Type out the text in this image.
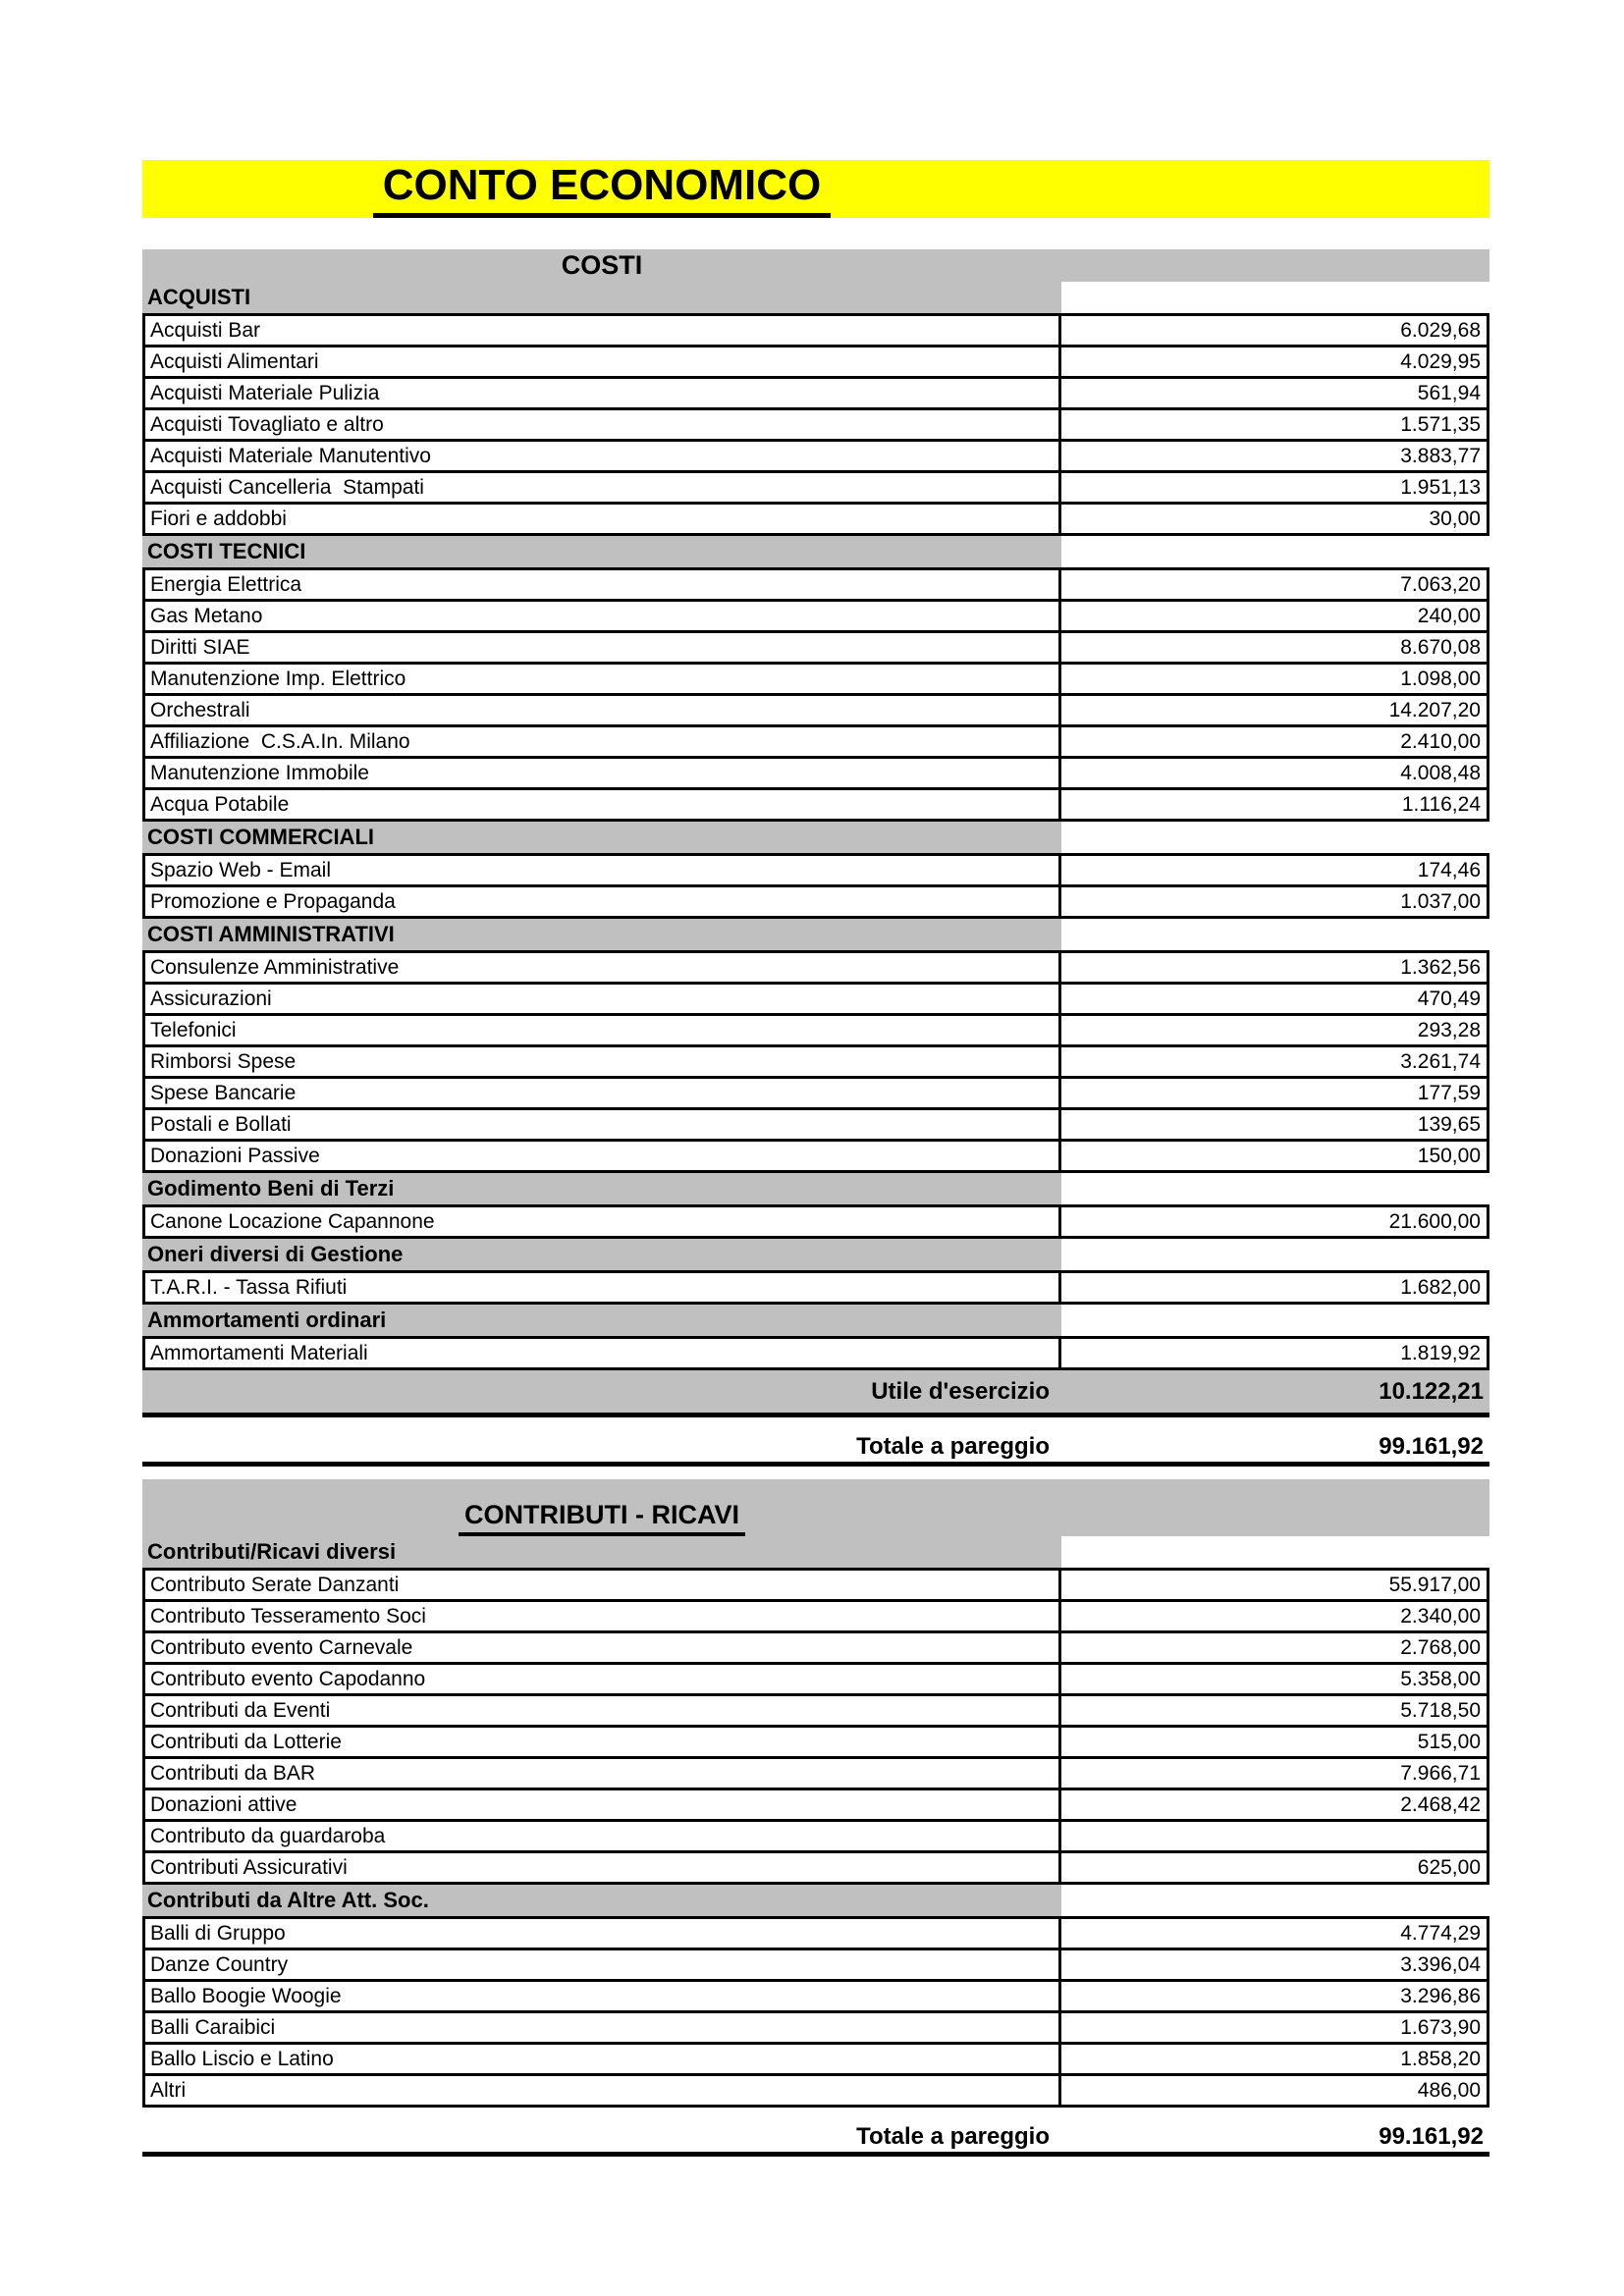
CONTO ECONOMICO
COSTI
ACQUISTI
Acquisti Bar	6.029,68
Acquisti Alimentari	4.029,95
Acquisti Materiale Pulizia	561,94
Acquisti Tovagliato e altro	1.571,35
Acquisti Materiale Manutentivo	3.883,77
Acquisti Cancelleria  Stampati	1.951,13
Fiori e addobbi	30,00
COSTI TECNICI
Energia Elettrica	7.063,20
Gas Metano	240,00
Diritti SIAE	8.670,08
Manutenzione Imp. Elettrico	1.098,00
Orchestrali	14.207,20
Affiliazione  C.S.A.In. Milano	2.410,00
Manutenzione Immobile	4.008,48
Acqua Potabile	1.116,24
COSTI COMMERCIALI
Spazio Web - Email	174,46
Promozione e Propaganda	1.037,00
COSTI AMMINISTRATIVI
Consulenze Amministrative	1.362,56
Assicurazioni	470,49
Telefonici	293,28
Rimborsi Spese	3.261,74
Spese Bancarie	177,59
Postali e Bollati	139,65
Donazioni Passive	150,00
Godimento Beni di Terzi
Canone Locazione Capannone	21.600,00
Oneri diversi di Gestione
T.A.R.I. - Tassa Rifiuti	1.682,00
Ammortamenti ordinari
Ammortamenti Materiali	1.819,92
Utile d'esercizio	10.122,21
Totale a pareggio	99.161,92
CONTRIBUTI - RICAVI
Contributi/Ricavi diversi
Contributo Serate Danzanti	55.917,00
Contributo Tesseramento Soci	2.340,00
Contributo evento Carnevale	2.768,00
Contributo evento Capodanno	5.358,00
Contributi da Eventi	5.718,50
Contributi da Lotterie	515,00
Contributi da BAR	7.966,71
Donazioni attive	2.468,42
Contributo da guardaroba
Contributi Assicurativi	625,00
Contributi da Altre Att. Soc.
Balli di Gruppo	4.774,29
Danze Country	3.396,04
Ballo Boogie Woogie	3.296,86
Balli Caraibici	1.673,90
Ballo Liscio e Latino	1.858,20
Altri	486,00
Totale a pareggio	99.161,92
